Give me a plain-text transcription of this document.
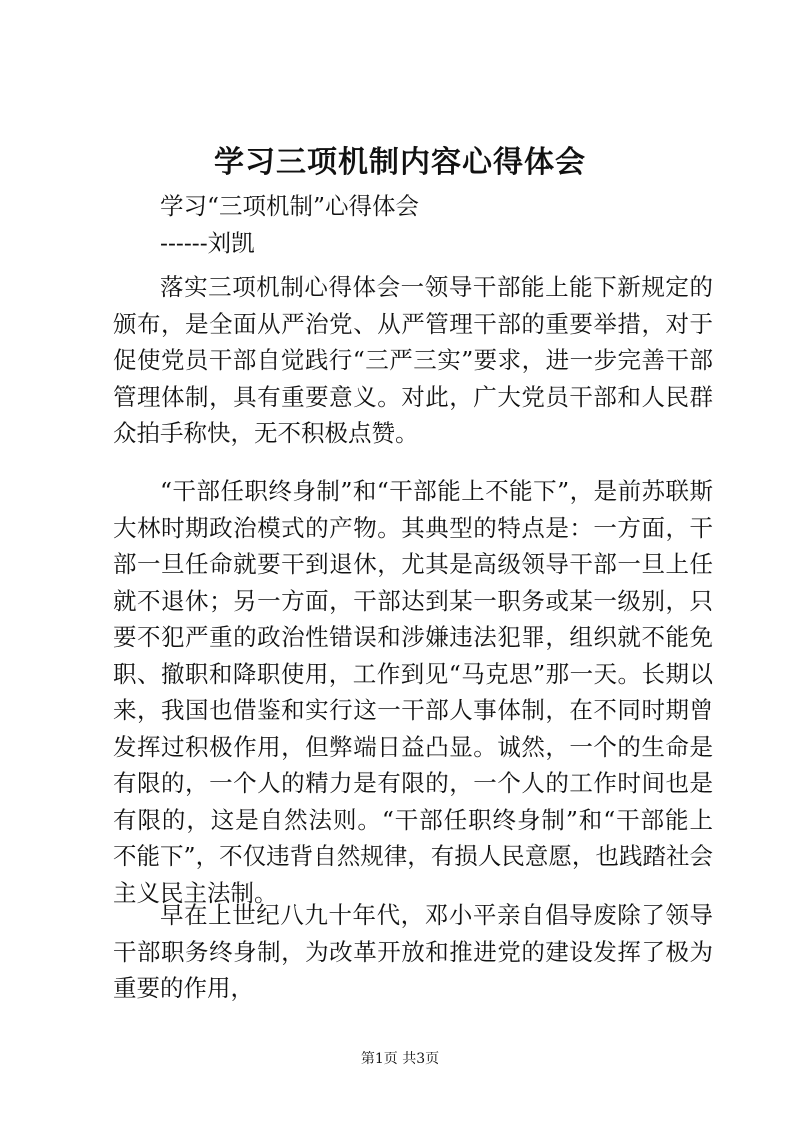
学习三项机制内容心得体会

学习“三项机制”心得体会

------刘凯

落实三项机制心得体会一领导干部能上能下新规定的颁布，是全面从严治党、从严管理干部的重要举措，对于促使党员干部自觉践行“三严三实”要求，进一步完善干部管理体制，具有重要意义。对此，广大党员干部和人民群众拍手称快，无不积极点赞。

“干部任职终身制”和“干部能上不能下”，是前苏联斯大林时期政治模式的产物。其典型的特点是：一方面，干部一旦任命就要干到退休，尤其是高级领导干部一旦上任就不退休；另一方面，干部达到某一职务或某一级别，只要不犯严重的政治性错误和涉嫌违法犯罪，组织就不能免职、撤职和降职使用，工作到见“马克思”那一天。长期以来，我国也借鉴和实行这一干部人事体制，在不同时期曾发挥过积极作用，但弊端日益凸显。诚然，一个的生命是有限的，一个人的精力是有限的，一个人的工作时间也是有限的，这是自然法则。“干部任职终身制”和“干部能上不能下”，不仅违背自然规律，有损人民意愿，也践踏社会主义民主法制。

早在上世纪八九十年代，邓小平亲自倡导废除了领导干部职务终身制，为改革开放和推进党的建设发挥了极为重要的作用，

第1页 共3页
